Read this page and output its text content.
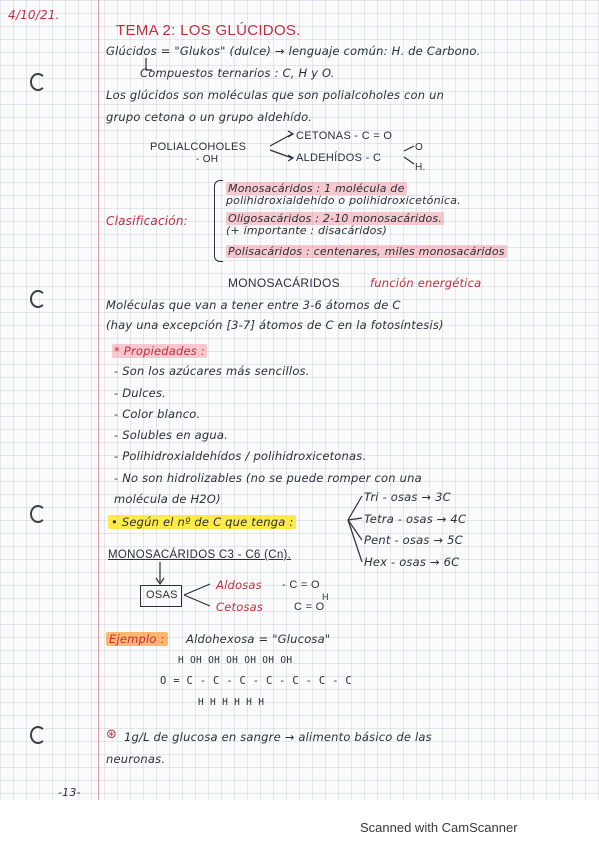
4/10/21.
TEMA 2: LOS GLÚCIDOS.
Glúcidos = "Glukos" (dulce) → lenguaje común: H. de Carbono.
Compuestos ternarios : C, H y O.
Los glúcidos son moléculas que son polialcoholes con un
grupo cetona o un grupo aldehído.
POLIALCOHOLES
- OH
CETONAS - C = O
ALDEHÍDOS - C
O
H.
Clasificación:
Monosacáridos : 1 molécula de
polihidroxialdehído o polihidroxicetónica.
Oligosacáridos : 2-10 monosacáridos.
(+ importante : disacáridos)
Polisacáridos : centenares, miles monosacáridos
MONOSACÁRIDOS	función energética
Moléculas que van a tener entre 3-6 átomos de C
(hay una excepción [3-7] átomos de C en la fotosíntesis)
* Propiedades :
- Son los azúcares más sencillos.
- Dulces.
- Color blanco.
- Solubles en agua.
- Polihidroxialdehídos / polihidroxicetonas.
- No son hidrolizables (no se puede romper con una
molécula de H2O)
• Según el nº de C que tenga :
Tri - osas → 3C
Tetra - osas → 4C
Pent - osas → 5C
Hex - osas → 6C
MONOSACÁRIDOS C3 - C6 (Cn).
OSAS
Aldosas - C = O
H
Cetosas	C = O
Ejemplo : Aldohexosa = "Glucosa"
H OH OH OH OH OH OH
O = C - C - C - C - C - C - C
H H H H H H
⊛ 1g/L de glucosa en sangre → alimento básico de las
neuronas.
-13-
Scanned with CamScanner
